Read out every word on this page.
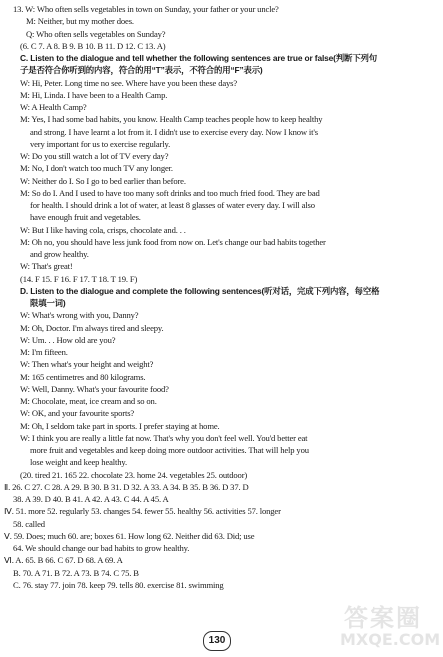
13. W: Who often sells vegetables in town on Sunday, your father or your uncle?
M: Neither, but my mother does.
Q: Who often sells vegetables on Sunday?
(6. C 7. A 8. B 9. B 10. B 11. D 12. C 13. A)
C. Listen to the dialogue and tell whether the following sentences are true or false(判断下列句
子是否符合你听到的内容，符合的用“T”表示，不符合的用“F”表示)
W: Hi, Peter. Long time no see. Where have you been these days?
M: Hi, Linda. I have been to a Health Camp.
W: A Health Camp?
M: Yes, I had some bad habits, you know. Health Camp teaches people how to keep healthy
and strong. I have learnt a lot from it. I didn't use to exercise every day. Now I know it's
very important for us to exercise regularly.
W: Do you still watch a lot of TV every day?
M: No, I don't watch too much TV any longer.
W: Neither do I. So I go to bed earlier than before.
M: So do I. And I used to have too many soft drinks and too much fried food. They are bad
for health. I should drink a lot of water, at least 8 glasses of water every day. I will also
have enough fruit and vegetables.
W: But I like having cola, crisps, chocolate and. . .
M: Oh no, you should have less junk food from now on. Let's change our bad habits together
and grow healthy.
W: That's great!
(14. F 15. F 16. F 17. T 18. T 19. F)
D. Listen to the dialogue and complete the following sentences(听对话，完成下列内容，每空格
限填一词)
W: What's wrong with you, Danny?
M: Oh, Doctor. I'm always tired and sleepy.
W: Um. . . How old are you?
M: I'm fifteen.
W: Then what's your height and weight?
M: 165 centimetres and 80 kilograms.
W: Well, Danny. What's your favourite food?
M: Chocolate, meat, ice cream and so on.
W: OK, and your favourite sports?
M: Oh, I seldom take part in sports. I prefer staying at home.
W: I think you are really a little fat now. That's why you don't feel well. You'd better eat
more fruit and vegetables and keep doing more outdoor activities. That will help you
lose weight and keep healthy.
(20. tired 21. 165 22. chocolate 23. home 24. vegetables 25. outdoor)
Ⅱ. 26. C 27. C 28. A 29. B 30. B 31. D 32. A 33. A 34. B 35. B 36. D 37. D
38. A 39. D 40. B 41. A 42. A 43. C 44. A 45. A
Ⅳ. 51. more 52. regularly 53. changes 54. fewer 55. healthy 56. activities 57. longer
58. called
Ⅴ. 59. Does; much 60. are; boxes 61. How long 62. Neither did 63. Did; use
64. We should change our bad habits to grow healthy.
Ⅵ. A. 65. B 66. C 67. D 68. A 69. A
B. 70. A 71. B 72. A 73. B 74. C 75. B
C. 76. stay 77. join 78. keep 79. tells 80. exercise 81. swimming
130
答案圈
MXQE.COM
